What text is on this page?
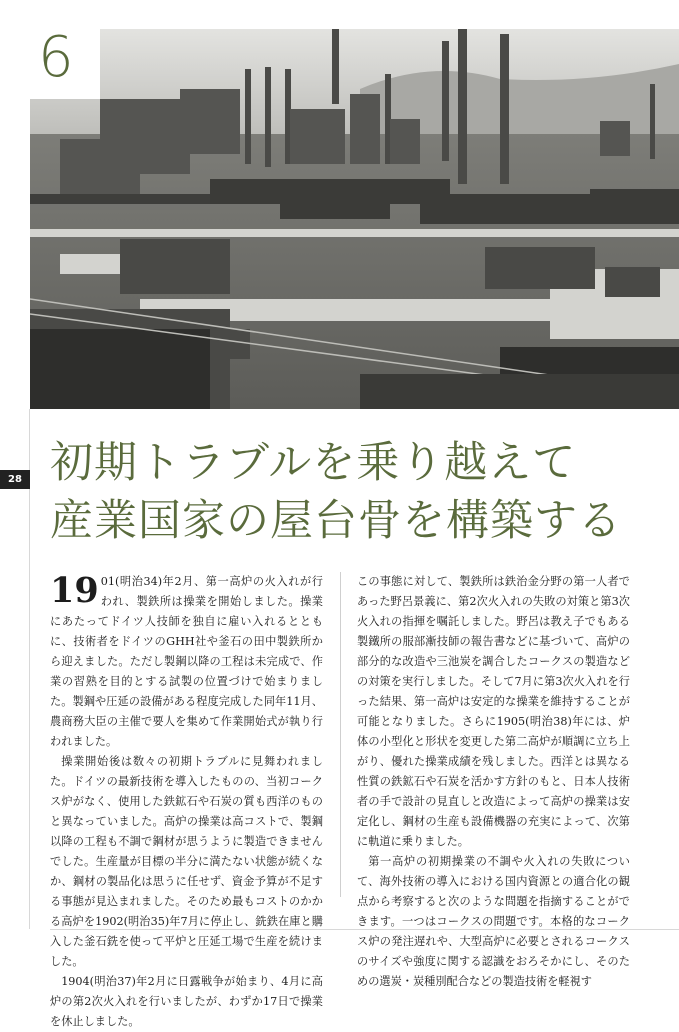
6
28 初期トラブルを乗り越えて
産業国家の屋台骨を構築する

19 01(明治34)年2月、第一高炉の火入れが行われ、製鉄所は操業を開始しました。操業にあたってドイツ人技師を独自に雇い入れるとともに、技術者をドイツのGHH社や釜石の田中製鉄所から迎えました。ただし製鋼以降の工程は未完成で、作業の習熟を目的とする試製の位置づけで始まりました。製鋼や圧延の設備がある程度完成した同年11月、農商務大臣の主催で要人を集めて作業開始式が執り行われました。

操業開始後は数々の初期トラブルに見舞われました。ドイツの最新技術を導入したものの、当初コークス炉がなく、使用した鉄鉱石や石炭の質も西洋のものと異なっていました。高炉の操業は高コストで、製鋼以降の工程も不調で鋼材が思うように製造できませんでした。生産量が目標の半分に満たない状態が続くなか、鋼材の製品化は思うに任せず、資金予算が不足する事態が見込まれました。そのため最もコストのかかる高炉を1902(明治35)年7月に停止し、銑鉄在庫と購入した釜石銑を使って平炉と圧延工場で生産を続けました。

1904(明治37)年2月に日露戦争が始まり、4月に高炉の第2次火入れを行いましたが、わずか17日で操業を休止しました。

この事態に対して、製鉄所は鉄治金分野の第一人者であった野呂景義に、第2次火入れの失敗の対策と第3次火入れの指揮を嘱託しました。野呂は教え子でもある製鐵所の服部漸技師の報告書などに基づいて、高炉の部分的な改造や三池炭を調合したコークスの製造などの対策を実行しました。そして7月に第3次火入れを行った結果、第一高炉は安定的な操業を維持することが可能となりました。さらに1905(明治38)年には、炉体の小型化と形状を変更した第二高炉が順調に立ち上がり、優れた操業成績を残しました。西洋とは異なる性質の鉄鉱石や石炭を活かす方針のもと、日本人技術者の手で設計の見直しと改造によって高炉の操業は安定化し、鋼材の生産も設備機器の充実によって、次第に軌道に乗りました。

第一高炉の初期操業の不調や火入れの失敗について、海外技術の導入における国内資源との適合化の観点から考察すると次のような問題を指摘することができます。一つはコークスの問題です。本格的なコークス炉の発注遅れや、大型高炉に必要とされるコークスのサイズや強度に関する認識をおろそかにし、そのための選炭・炭種別配合などの製造技術を軽視す
